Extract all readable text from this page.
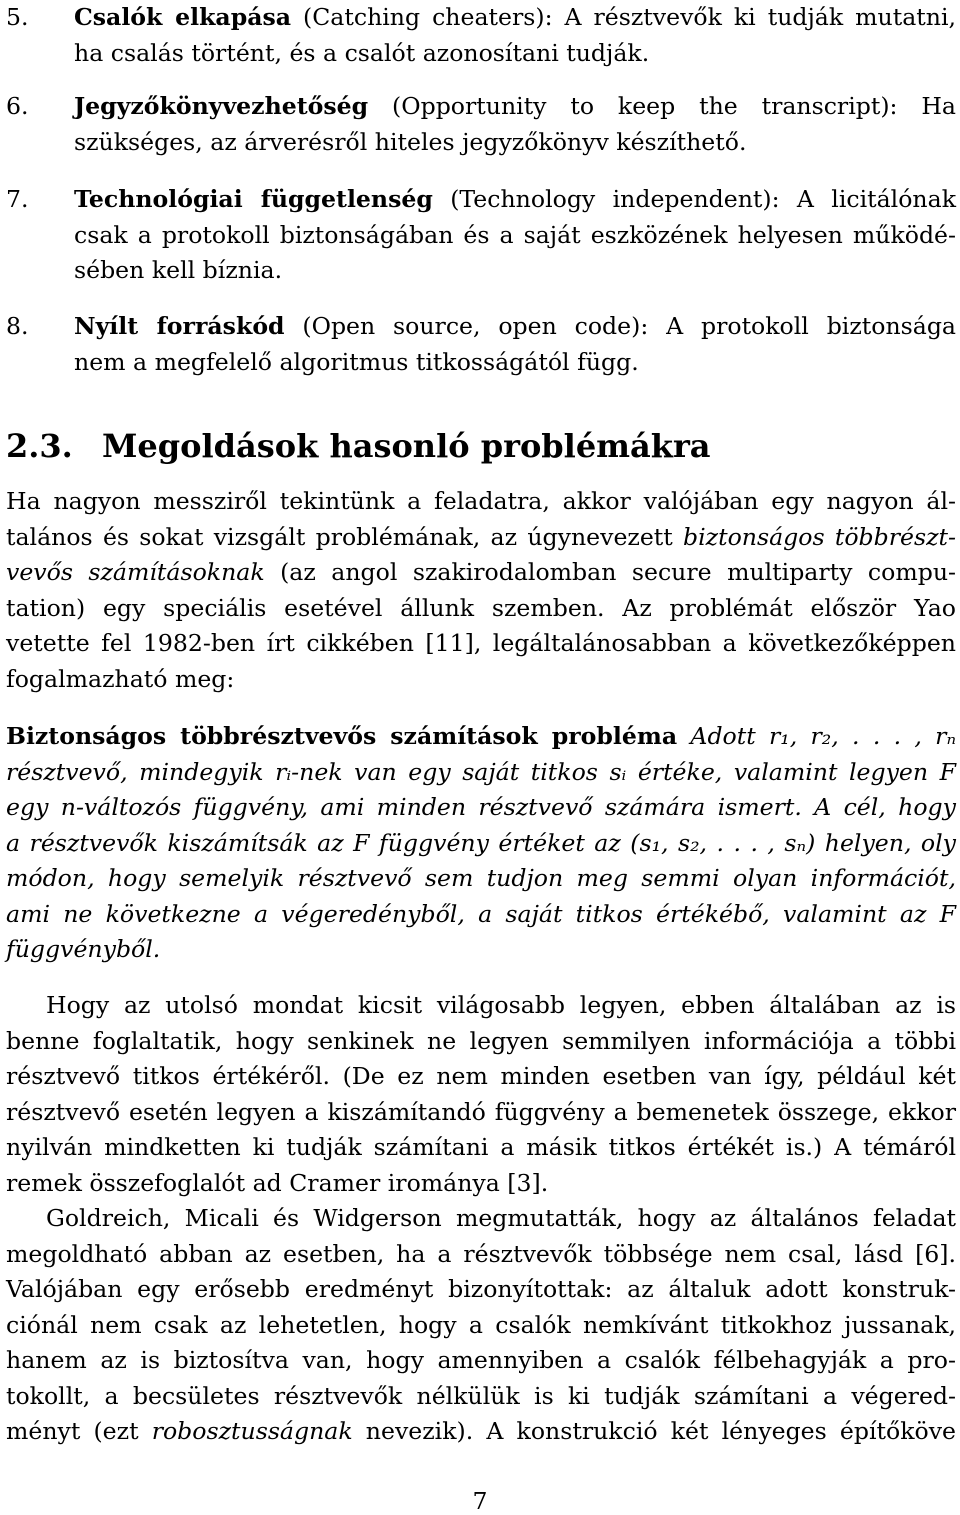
5. Csalók elkapása (Catching cheaters): A résztvevők ki tudják mutatni,
ha csalás történt, és a csalót azonosítani tudják.
6. Jegyzőkönyvezhetőség (Opportunity to keep the transcript): Ha
szükséges, az árverésről hiteles jegyzőkönyv készíthető.
7. Technológiai függetlenség (Technology independent): A licitálónak
csak a protokoll biztonságában és a saját eszközének helyesen működé-
sében kell bíznia.
8. Nyílt forráskód (Open source, open code): A protokoll biztonsága
nem a megfelelő algoritmus titkosságától függ.
2.3. Megoldások hasonló problémákra
Ha nagyon messziről tekintünk a feladatra, akkor valójában egy nagyon ál-
talános és sokat vizsgált problémának, az úgynevezett biztonságos többrészt-
vevős számításoknak (az angol szakirodalomban secure multiparty compu-
tation) egy speciális esetével állunk szemben. Az problémát először Yao
vetette fel 1982-ben írt cikkében [11], legáltalánosabban a következőképpen
fogalmazható meg:
Biztonságos többrésztvevős számítások probléma Adott r₁, r₂, . . . , rₙ
résztvevő, mindegyik rᵢ-nek van egy saját titkos sᵢ értéke, valamint legyen F
egy n-változós függvény, ami minden résztvevő számára ismert. A cél, hogy
a résztvevők kiszámítsák az F függvény értéket az (s₁, s₂, . . . , sₙ) helyen, oly
módon, hogy semelyik résztvevő sem tudjon meg semmi olyan információt,
ami ne következne a végeredényből, a saját titkos értékébő, valamint az F
függvényből.
Hogy az utolsó mondat kicsit világosabb legyen, ebben általában az is
benne foglaltatik, hogy senkinek ne legyen semmilyen információja a többi
résztvevő titkos értékéről. (De ez nem minden esetben van így, például két
résztvevő esetén legyen a kiszámítandó függvény a bemenetek összege, ekkor
nyilván mindketten ki tudják számítani a másik titkos értékét is.) A témáról
remek összefoglalót ad Cramer irománya [3].
Goldreich, Micali és Widgerson megmutatták, hogy az általános feladat
megoldható abban az esetben, ha a résztvevők többsége nem csal, lásd [6].
Valójában egy erősebb eredményt bizonyítottak: az általuk adott konstruk-
ciónál nem csak az lehetetlen, hogy a csalók nemkívánt titkokhoz jussanak,
hanem az is biztosítva van, hogy amennyiben a csalók félbehagyják a pro-
tokollt, a becsületes résztvevők nélkülük is ki tudják számítani a végered-
ményt (ezt robosztusságnak nevezik). A konstrukció két lényeges építőköve
7
